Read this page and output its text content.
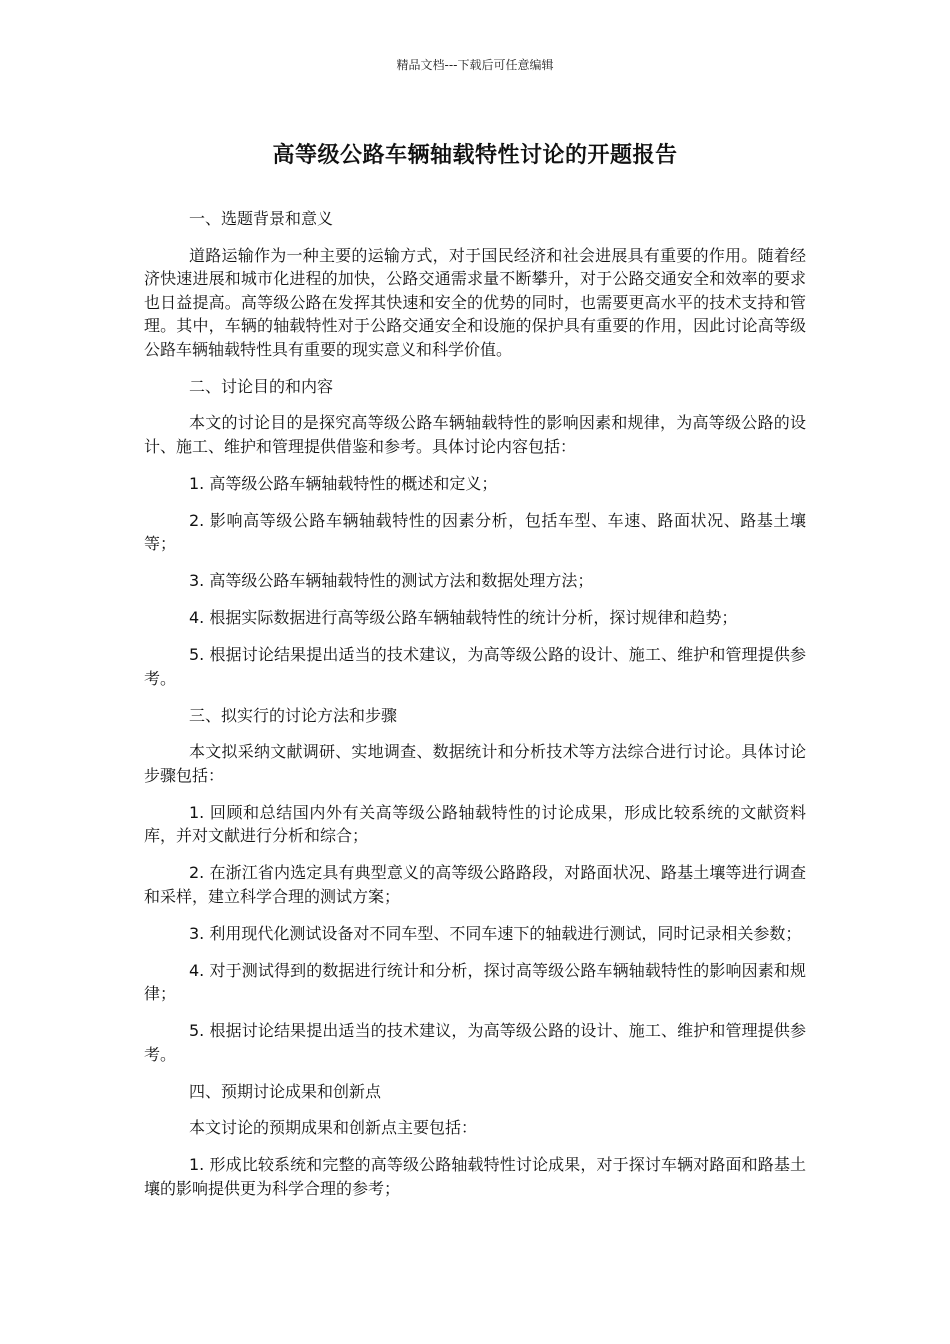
精品文档---下载后可任意编辑
高等级公路车辆轴载特性讨论的开题报告
一、选题背景和意义

道路运输作为一种主要的运输方式，对于国民经济和社会进展具有重要的作用。随着经济快速进展和城市化进程的加快，公路交通需求量不断攀升，对于公路交通安全和效率的要求也日益提高。高等级公路在发挥其快速和安全的优势的同时，也需要更高水平的技术支持和管理。其中，车辆的轴载特性对于公路交通安全和设施的保护具有重要的作用，因此讨论高等级公路车辆轴载特性具有重要的现实意义和科学价值。

二、讨论目的和内容

本文的讨论目的是探究高等级公路车辆轴载特性的影响因素和规律，为高等级公路的设计、施工、维护和管理提供借鉴和参考。具体讨论内容包括：

1. 高等级公路车辆轴载特性的概述和定义；

2. 影响高等级公路车辆轴载特性的因素分析，包括车型、车速、路面状况、路基土壤等；

3. 高等级公路车辆轴载特性的测试方法和数据处理方法；

4. 根据实际数据进行高等级公路车辆轴载特性的统计分析，探讨规律和趋势；

5. 根据讨论结果提出适当的技术建议，为高等级公路的设计、施工、维护和管理提供参考。

三、拟实行的讨论方法和步骤

本文拟采纳文献调研、实地调查、数据统计和分析技术等方法综合进行讨论。具体讨论步骤包括：

1. 回顾和总结国内外有关高等级公路轴载特性的讨论成果，形成比较系统的文献资料库，并对文献进行分析和综合；

2. 在浙江省内选定具有典型意义的高等级公路路段，对路面状况、路基土壤等进行调查和采样，建立科学合理的测试方案；

3. 利用现代化测试设备对不同车型、不同车速下的轴载进行测试，同时记录相关参数；

4. 对于测试得到的数据进行统计和分析，探讨高等级公路车辆轴载特性的影响因素和规律；

5. 根据讨论结果提出适当的技术建议，为高等级公路的设计、施工、维护和管理提供参考。

四、预期讨论成果和创新点

本文讨论的预期成果和创新点主要包括：

1. 形成比较系统和完整的高等级公路轴载特性讨论成果，对于探讨车辆对路面和路基土壤的影响提供更为科学合理的参考；
